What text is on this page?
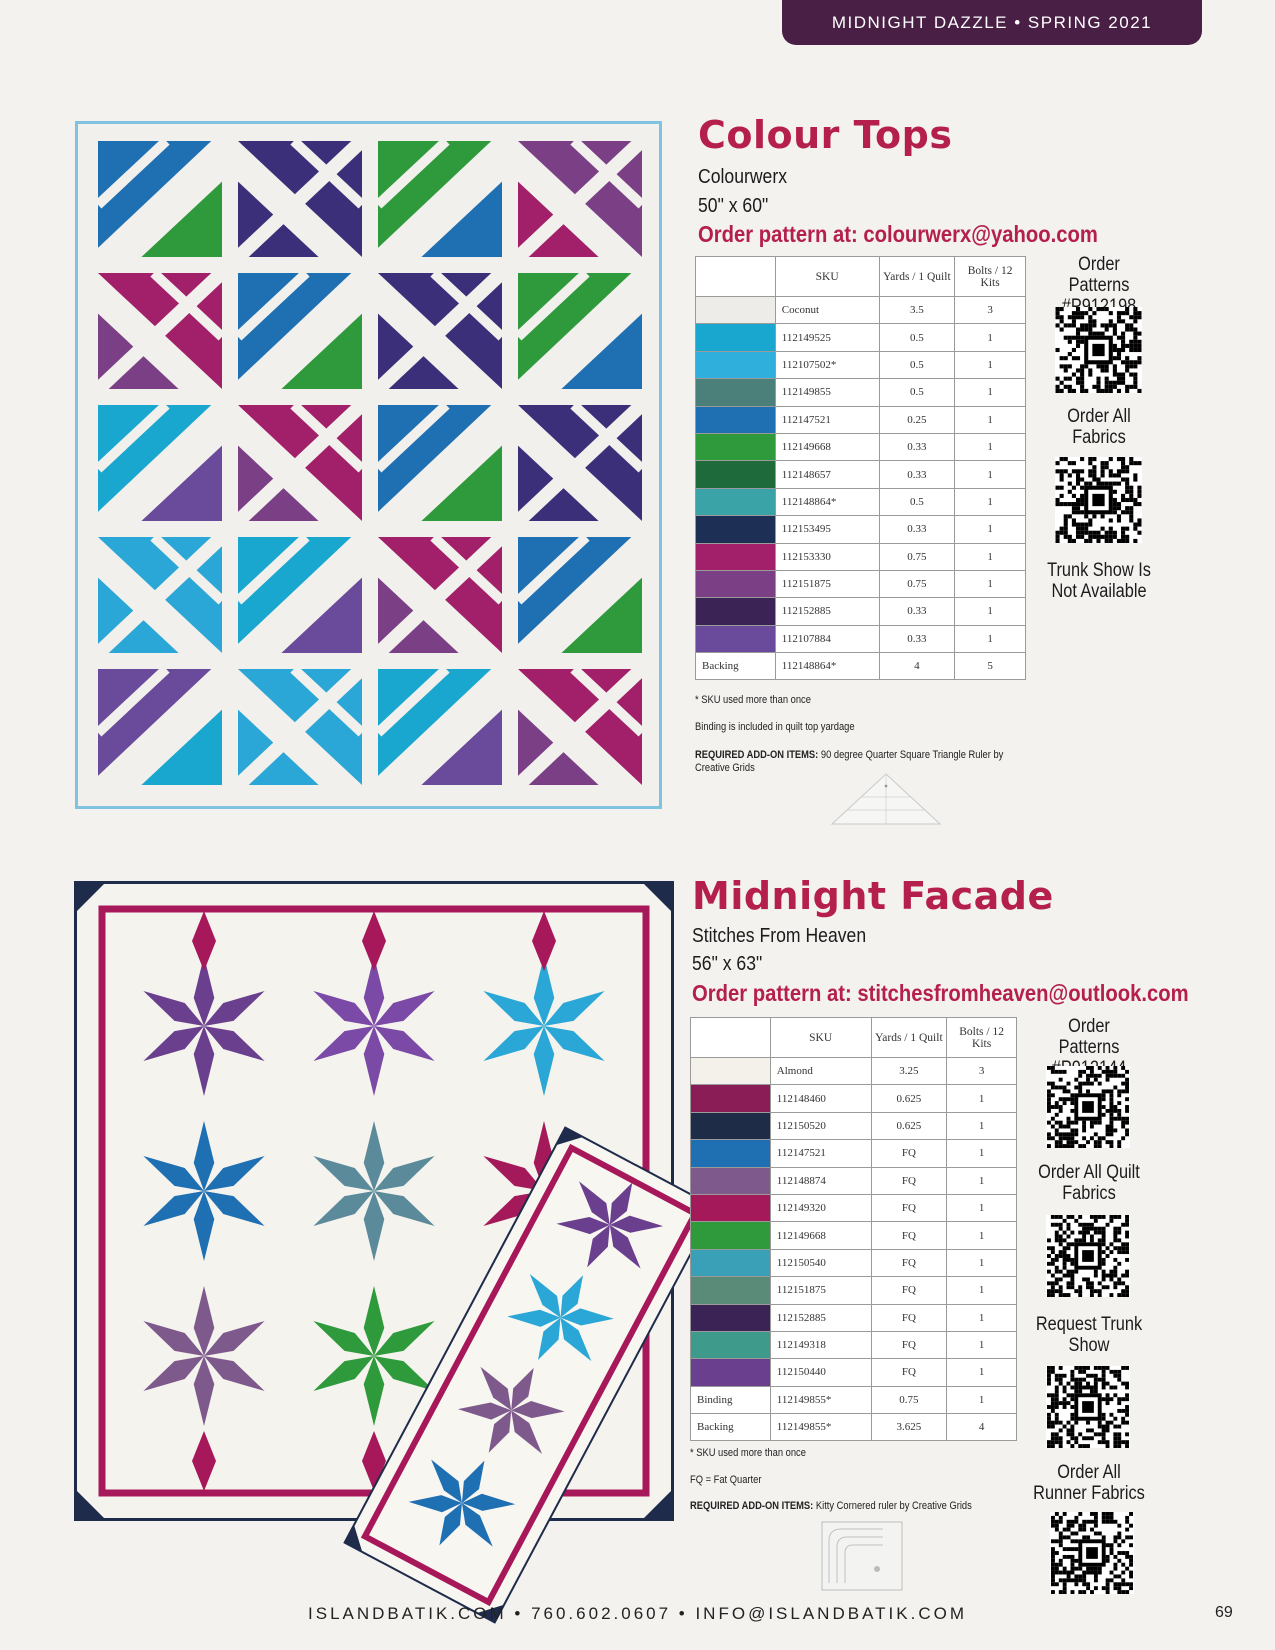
MIDNIGHT DAZZLE • SPRING 2021
Colour Tops
Colourwerx
50" x 60"
Order pattern at: colourwerx@yahoo.com
	SKU	Yards / 1 Quilt	Bolts / 12 Kits
	Coconut	3.5	3
	112149525	0.5	1
	112107502*	0.5	1
	112149855	0.5	1
	112147521	0.25	1
	112149668	0.33	1
	112148657	0.33	1
	112148864*	0.5	1
	112153495	0.33	1
	112153330	0.75	1
	112151875	0.75	1
	112152885	0.33	1
	112107884	0.33	1
Backing	112148864*	4	5
* SKU used more than once
Binding is included in quilt top yardage
REQUIRED ADD-ON ITEMS: 90 degree Quarter Square Triangle Ruler by Creative Grids
Order Patterns
Order All Fabrics
Trunk Show Is Not Available
Midnight Facade
Stitches From Heaven
56" x 63"
Order pattern at: stitchesfromheaven@outlook.com
	SKU	Yards / 1 Quilt	Bolts / 12 Kits
	Almond	3.25	3
	112148460	0.625	1
	112150520	0.625	1
	112147521	FQ	1
	112148874	FQ	1
	112149320	FQ	1
	112149668	FQ	1
	112150540	FQ	1
	112151875	FQ	1
	112152885	FQ	1
	112149318	FQ	1
	112150440	FQ	1
Binding	112149855*	0.75	1
Backing	112149855*	3.625	4
* SKU used more than once
FQ = Fat Quarter
REQUIRED ADD-ON ITEMS: Kitty Cornered ruler by Creative Grids
Order Patterns
Order All Quilt Fabrics
Request Trunk Show
Order All Runner Fabrics
ISLANDBATIK.COM • 760.602.0607 • INFO@ISLANDBATIK.COM	69
